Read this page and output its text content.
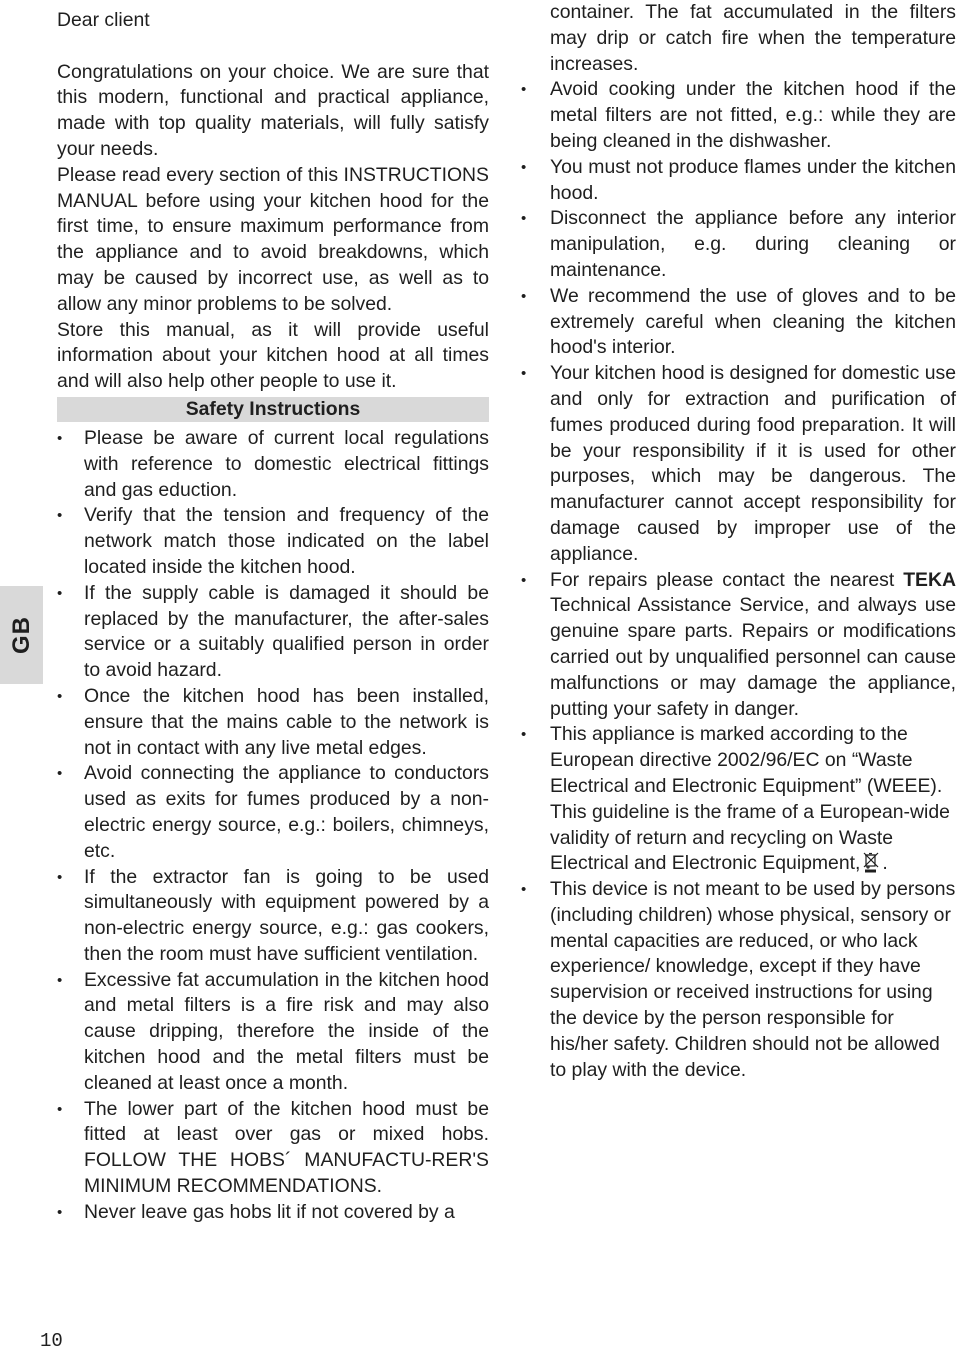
GB

Dear client

Congratulations on your choice. We are sure that this modern, functional and practical appliance, made with top quality materials, will fully satisfy your needs.

Please read every section of this INSTRUCTIONS MANUAL before using your kitchen hood for the first time, to ensure maximum performance from the appliance and to avoid breakdowns, which may be caused by incorrect use, as well as to allow any minor problems to be solved.

Store this manual, as it will provide useful information about your kitchen hood at all times and will also help other people to use it.

Safety Instructions
• Please be aware of current local regulations with reference to domestic electrical fittings and gas eduction.
• Verify that the tension and frequency of the network match those indicated on the label located inside the kitchen hood.
• If the supply cable is damaged it should be replaced by the manufacturer, the after-sales service or a suitably qualified person in order to avoid hazard.
• Once the kitchen hood has been installed, ensure that the mains cable to the network is not in contact with any live metal edges.
• Avoid connecting the appliance to conductors used as exits for fumes produced by a non-electric energy source, e.g.: boilers, chimneys, etc.
• If the extractor fan is going to be used simultaneously with equipment powered by a non-electric energy source, e.g.: gas cookers, then the room must have sufficient ventilation.
• Excessive fat accumulation in the kitchen hood and metal filters is a fire risk and may also cause dripping, therefore the inside of the kitchen hood and the metal filters must be cleaned at least once a month.
• The lower part of the kitchen hood must be fitted at least over gas or mixed hobs. FOLLOW THE HOBS´ MANUFACTU-RER'S MINIMUM RECOMMENDATIONS.
• Never leave gas hobs lit if not covered by a

container. The fat accumulated in the filters may drip or catch fire when the temperature increases.

• Avoid cooking under the kitchen hood if the metal filters are not fitted, e.g.: while they are being cleaned in the dishwasher.
• You must not produce flames under the kitchen hood.
• Disconnect the appliance before any interior manipulation, e.g. during cleaning or maintenance.
• We recommend the use of gloves and to be extremely careful when cleaning the kitchen hood's interior.
• Your kitchen hood is designed for domestic use and only for extraction and purification of fumes produced during food preparation. It will be your responsibility if it is used for other purposes, which may be dangerous. The manufacturer cannot accept responsibility for damage caused by improper use of the appliance.
• For repairs please contact the nearest TEKA Technical Assistance Service, and always use genuine spare parts. Repairs or modifications carried out by unqualified personnel can cause malfunctions or may damage the appliance, putting your safety in danger.
• This appliance is marked according to the European directive 2002/96/EC on “Waste Electrical and Electronic Equipment” (WEEE). This guideline is the frame of a European-wide validity of return and recycling on Waste Electrical and Electronic Equipment, .
• This device is not meant to be used by persons (including children) whose physical, sensory or mental capacities are reduced, or who lack experience/ knowledge, except if they have supervision or received instructions for using the device by the person responsible for his/her safety. Children should not be allowed to play with the device.
10
